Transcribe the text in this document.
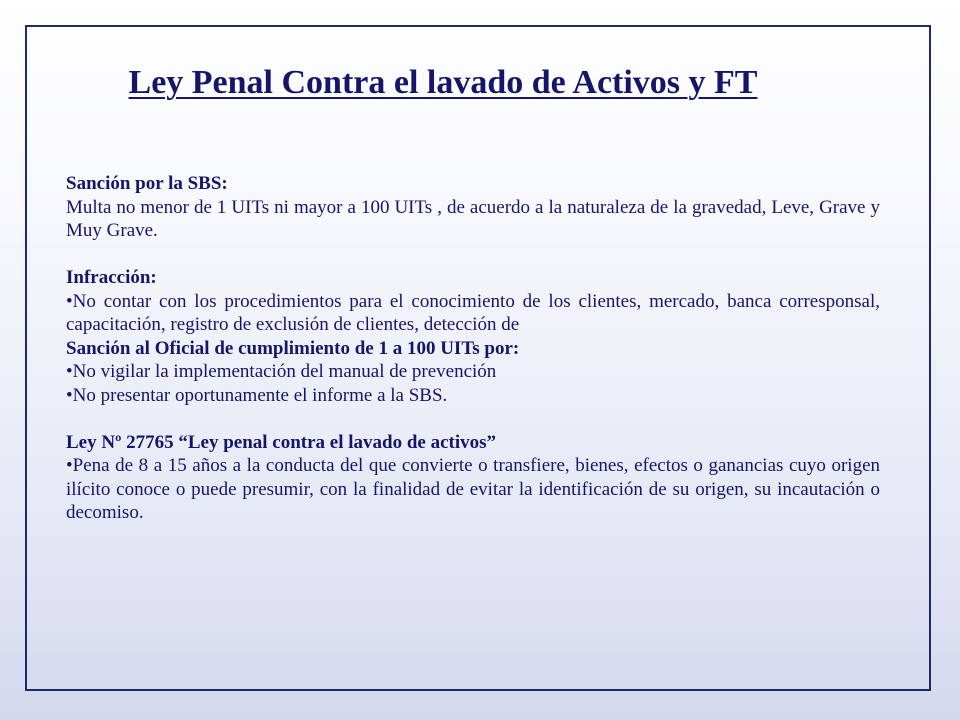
Ley Penal Contra el lavado de Activos y FT

Sanción por la SBS:

Multa no menor de 1 UITs ni mayor a 100 UITs , de acuerdo a la naturaleza de la gravedad, Leve, Grave y Muy Grave.

Infracción:

•No contar con los procedimientos para el conocimiento de los clientes, mercado, banca corresponsal, capacitación, registro de exclusión de clientes, detección de

Sanción al Oficial de cumplimiento de 1 a 100 UITs por:

•No vigilar la implementación del manual de prevención

•No presentar oportunamente el informe a la SBS.

Ley Nº 27765 “Ley penal contra el lavado de activos”

•Pena de 8 a 15 años a la conducta del que convierte o transfiere, bienes, efectos o ganancias cuyo origen ilícito conoce o puede presumir, con la finalidad de evitar la identificación de su origen, su incautación o decomiso.
